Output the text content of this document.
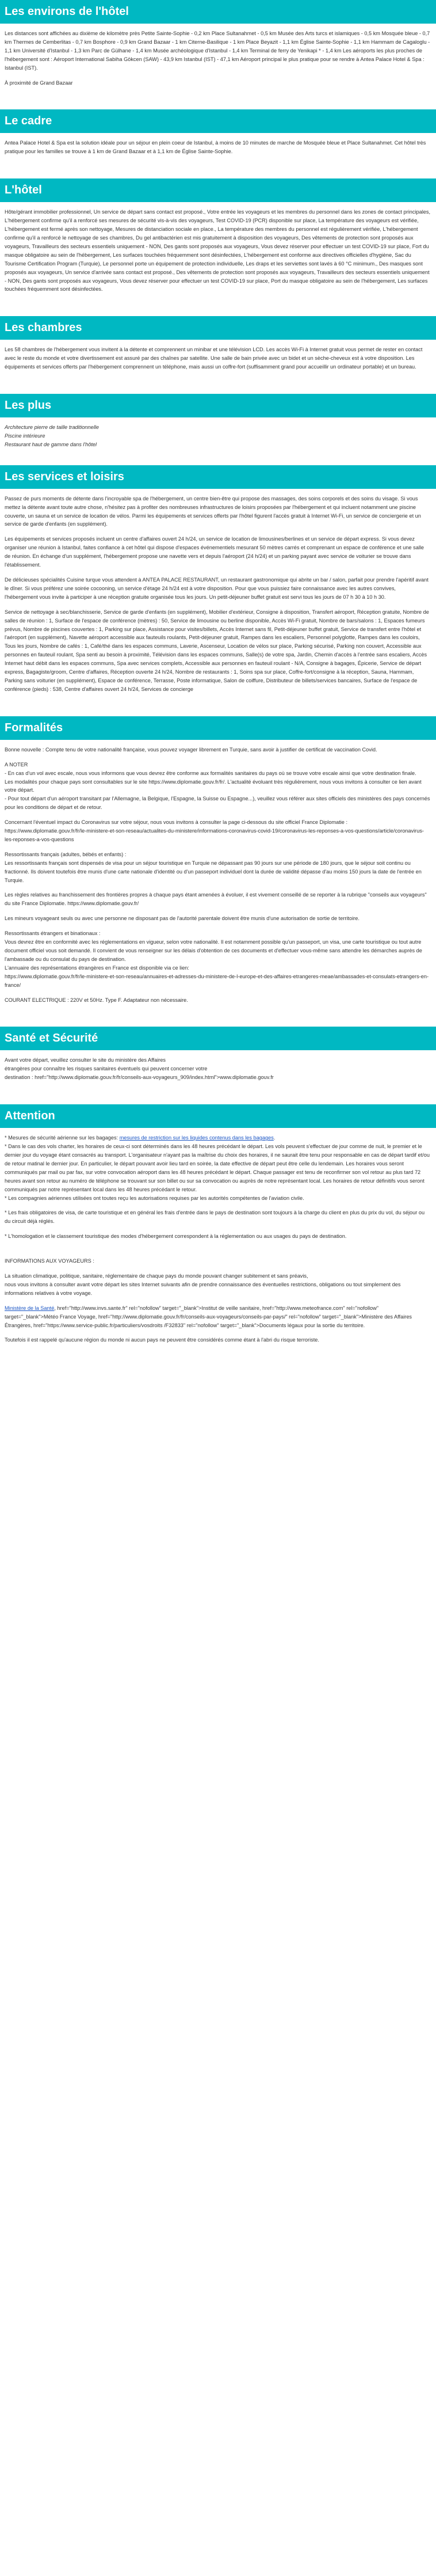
Les environs de l'hôtel

Les distances sont affichées au dixième de kilomètre près Petite Sainte-Sophie - 0,2 km Place Sultanahmet - 0,5 km Musée des Arts turcs et islamiques - 0,5 km Mosquée bleue - 0,7 km Thermes de Cemberlitas - 0,7 km Bosphore - 0,9 km Grand Bazaar - 1 km Citerne-Basilique - 1 km Place Beyazit - 1,1 km Église Sainte-Sophie - 1,1 km Hammam de Cagaloglu - 1,1 km Université d'Istanbul - 1,3 km Parc de Gülhane - 1,4 km Musée archéologique d'Istanbul - 1,4 km Terminal de ferry de Yenikapi * - 1,4 km Les aéroports les plus proches de l'hébergement sont : Aéroport International Sabiha Gökcen (SAW) - 43,9 km Istanbul (IST) - 47,1 km Aéroport principal le plus pratique pour se rendre à Antea Palace Hotel & Spa : Istanbul (IST).

À proximité de Grand Bazaar

Le cadre

Antea Palace Hotel & Spa est la solution idéale pour un séjour en plein coeur de Istanbul, à moins de 10 minutes de marche de Mosquée bleue et Place Sultanahmet. Cet hôtel très pratique pour les familles se trouve à 1 km de Grand Bazaar et à 1,1 km de Église Sainte-Sophie.

L'hôtel

Hôte/gérant immobilier professionnel, Un service de départ sans contact est proposé., Votre entrée les voyageurs et les membres du personnel dans les zones de contact principales, L'hébergement confirme qu'il a renforcé ses mesures de sécurité vis-à-vis des voyageurs, Test COVID-19 (PCR) disponible sur place, La température des voyageurs est vérifiée, L'hébergement est fermé après son nettoyage, Mesures de distanciation sociale en place., La température des membres du personnel est régulièrement vérifiée, L'hébergement confirme qu'il a renforcé le nettoyage de ses chambres, Du gel antibactérien est mis gratuitement à disposition des voyageurs, Des vêtements de protection sont proposés aux voyageurs, Travailleurs des secteurs essentiels uniquement - NON, Des gants sont proposés aux voyageurs, Vous devez réserver pour effectuer un test COVID-19 sur place, Fort du masque obligatoire au sein de l'hébergement, Les surfaces touchées fréquemment sont désinfectées, L'hébergement est conforme aux directives officielles d'hygiène, Sac du Tourisme Certification Program (Turquie), Le personnel porte un équipement de protection individuelle, Les draps et les serviettes sont lavés à 60 °C minimum., Des masques sont proposés aux voyageurs, Un service d'arrivée sans contact est proposé., Des vêtements de protection sont proposés aux voyageurs, Travailleurs des secteurs essentiels uniquement - NON, Des gants sont proposés aux voyageurs, Vous devez réserver pour effectuer un test COVID-19 sur place, Port du masque obligatoire au sein de l'hébergement, Les surfaces touchées fréquemment sont désinfectées.

Les chambres

Les 58 chambres de l'hébergement vous invitent à la détente et comprennent un minibar et une télévision LCD. Les accès Wi-Fi à Internet gratuit vous permet de rester en contact avec le reste du monde et votre divertissement est assuré par des chaînes par satellite. Une salle de bain privée avec un bidet et un sèche-cheveux est à votre disposition. Les équipements et services offerts par l'hébergement comprennent un téléphone, mais aussi un coffre-fort (suffisamment grand pour accueillir un ordinateur portable) et un bureau.

Les plus

Architecture pierre de taille traditionnelle
Piscine intérieure
Restaurant haut de gamme dans l'hôtel

Les services et loisirs

Passez de purs moments de détente dans l'incroyable spa de l'hébergement, un centre bien-être qui propose des massages, des soins corporels et des soins du visage. Si vous mettez la détente avant toute autre chose, n'hésitez pas à profiter des nombreuses infrastructures de loisirs proposées par l'hébergement et qui incluent notamment une piscine couverte, un sauna et un service de location de vélos. Parmi les équipements et services offerts par l'hôtel figurent l'accès gratuit à Internet Wi-Fi, un service de conciergerie et un service de garde d'enfants (en supplément).

Les équipements et services proposés incluent un centre d'affaires ouvert 24 h/24, un service de location de limousines/berlines et un service de départ express. Si vous devez organiser une réunion à Istanbul, faites confiance à cet hôtel qui dispose d'espaces événementiels mesurant 50 mètres carrés et comprenant un espace de conférence et une salle de réunion. En échange d'un supplément, l'hébergement propose une navette vers et depuis l'aéroport (24 h/24) et un parking payant avec service de voiturier se trouve dans l'établissement.

De délicieuses spécialités Cuisine turque vous attendent à ANTEA PALACE RESTAURANT, un restaurant gastronomique qui abrite un bar / salon, parfait pour prendre l'apéritif avant le dîner. Si vous préférez une soirée cocooning, un service d'étage 24 h/24 est à votre disposition. Pour que vous puissiez faire connaissance avec les autres convives, l'hébergement vous invite à participer à une réception gratuite organisée tous les jours. Un petit-déjeuner buffet gratuit est servi tous les jours de 07 h 30 à 10 h 30.

Service de nettoyage à sec/blanchisserie, Service de garde d'enfants (en supplément), Mobilier d'extérieur, Consigne à disposition, Transfert aéroport, Réception gratuite, Nombre de salles de réunion : 1, Surface de l'espace de conférence (mètres) : 50, Service de limousine ou berline disponible, Accès Wi-Fi gratuit, Nombre de bars/salons : 1, Espaces fumeurs prévus, Nombre de piscines couvertes : 1, Parking sur place, Assistance pour visites/billets, Accès Internet sans fil, Petit-déjeuner buffet gratuit, Service de transfert entre l'hôtel et l'aéroport (en supplément), Navette aéroport accessible aux fauteuils roulants, Petit-déjeuner gratuit, Rampes dans les escaliers, Personnel polyglotte, Rampes dans les couloirs, Tous les jours, Nombre de cafés : 1, Café/thé dans les espaces communs, Laverie, Ascenseur, Location de vélos sur place, Parking sécurisé, Parking non couvert, Accessible aux personnes en fauteuil roulant, Spa senti au besoin à proximité, Télévision dans les espaces communs, Salle(s) de votre spa, Jardin, Chemin d'accès à l'entrée sans escaliers, Accès Internet haut débit dans les espaces communs, Spa avec services complets, Accessible aux personnes en fauteuil roulant - N/A, Consigne à bagages, Épicerie, Service de départ express, Bagagiste/groom, Centre d'affaires, Réception ouverte 24 h/24, Nombre de restaurants : 1, Soins spa sur place, Coffre-fort/consigne à la réception, Sauna, Hammam, Parking sans voiturier (en supplément), Espace de conférence, Terrasse, Poste informatique, Salon de coiffure, Distributeur de billets/services bancaires, Surface de l'espace de conférence (pieds) : 538, Centre d'affaires ouvert 24 h/24, Services de concierge

Formalités

Bonne nouvelle : Compte tenu de votre nationalité française, vous pouvez voyager librement en Turquie, sans avoir à justifier de certificat de vaccination Covid.

A NOTER
- En cas d'un vol avec escale, nous vous informons que vous devrez être conforme aux formalités sanitaires du pays où se trouve votre escale ainsi que votre destination finale.
Les modalités pour chaque pays sont consultables sur le site https://www.diplomatie.gouv.fr/fr/. L'actualité évoluant très régulièrement, nous vous invitons à consulter ce lien avant votre départ.
- Pour tout départ d'un aéroport transitant par l'Allemagne, la Belgique, l'Espagne, la Suisse ou Espagne...), veuillez vous référer aux sites officiels des ministères des pays concernés pour les conditions de départ et de retour.

Concernant l'éventuel impact du Coronavirus sur votre séjour, nous vous invitons à consulter la page ci-dessous du site officiel France Diplomatie : https://www.diplomatie.gouv.fr/fr/le-ministere-et-son-reseau/actualites-du-ministere/informations-coronavirus-covid-19/coronavirus-les-reponses-a-vos-questions/article/coronavirus-les-reponses-a-vos-questions

Ressortissants français (adultes, bébés et enfants) :
Les ressortissants français sont dispensés de visa pour un séjour touristique en Turquie ne dépassant pas 90 jours sur une période de 180 jours, que le séjour soit continu ou fractionné. Ils doivent toutefois être munis d'une carte nationale d'identité ou d'un passeport individuel dont la durée de validité dépasse d'au moins 150 jours la date de l'entrée en Turquie.

Les règles relatives au franchissement des frontières propres à chaque pays étant amenées à évoluer, il est vivement conseillé de se reporter à la rubrique "conseils aux voyageurs" du site France Diplomatie. https://www.diplomatie.gouv.fr/

Les mineurs voyageant seuls ou avec une personne ne disposant pas de l'autorité parentale doivent être munis d'une autorisation de sortie de territoire.

Ressortissants étrangers et binationaux :
Vous devrez être en conformité avec les réglementations en vigueur, selon votre nationalité. Il est notamment possible qu'un passeport, un visa, une carte touristique ou tout autre document officiel vous soit demandé. Il convient de vous renseigner sur les délais d'obtention de ces documents et d'effectuer vous-même sans attendre les démarches auprès de l'ambassade ou du consulat du pays de destination.
L'annuaire des représentations étrangères en France est disponible via ce lien:
https://www.diplomatie.gouv.fr/fr/le-ministere-et-son-reseau/annuaires-et-adresses-du-ministere-de-l-europe-et-des-affaires-etrangeres-meae/ambassades-et-consulats-etrangers-en-france/

COURANT ELECTRIQUE : 220V et 50Hz. Type F. Adaptateur non nécessaire.

Santé et Sécurité

Avant votre départ, veuillez consulter le site du ministère des Affaires
étrangères pour connaître les risques sanitaires éventuels qui peuvent concerner votre
destination : href="http://www.diplomatie.gouv.fr/fr/conseils-aux-voyageurs_909/index.html">www.diplomatie.gouv.fr

Attention

* Mesures de sécurité aérienne sur les bagages: mesures de restriction sur les liquides contenus dans les bagages.
* Dans le cas des vols charter, les horaires de ceux-ci sont déterminés dans les 48 heures précédant le départ. Les vols peuvent s'effectuer de jour comme de nuit, le premier et le dernier jour du voyage étant consacrés au transport. L'organisateur n'ayant pas la maîtrise du choix des horaires, il ne saurait être tenu pour responsable en cas de départ tardif et/ou de retour matinal le dernier jour. En particulier, le départ pouvant avoir lieu tard en soirée, la date effective de départ peut être celle du lendemain. Les horaires vous seront communiqués par mail ou par fax, sur votre convocation aéroport dans les 48 heures précédant le départ. Chaque passager est tenu de reconfirmer son vol retour au plus tard 72 heures avant son retour au numéro de téléphone se trouvant sur son billet ou sur sa convocation ou auprès de notre représentant local. Les horaires de retour définitifs vous seront communiqués par notre représentant local dans les 48 heures précédant le retour.
* Les compagnies aériennes utilisées ont toutes reçu les autorisations requises par les autorités compétentes de l'aviation civile.

* Les frais obligatoires de visa, de carte touristique et en général les frais d'entrée dans le pays de destination sont toujours à la charge du client en plus du prix du vol, du séjour ou du circuit déjà réglés.

* L'homologation et le classement touristique des modes d'hébergement correspondent à la réglementation ou aux usages du pays de destination.

INFORMATIONS AUX VOYAGEURS :

La situation climatique, politique, sanitaire, réglementaire de chaque pays du monde pouvant changer subitement et sans préavis,
nous vous invitons à consulter avant votre départ les sites Internet suivants afin de prendre connaissance des éventuelles restrictions, obligations ou tout simplement des informations relatives à votre voyage.

Ministère de la Santé, href="http://www.invs.sante.fr" rel="nofollow" target="_blank">Institut de veille sanitaire, href="http://www.meteofrance.com" rel="nofollow" target="_blank">Météo France Voyage, href="http://www.diplomatie.gouv.fr/fr/conseils-aux-voyageurs/conseils-par-pays/" rel="nofollow" target="_blank">Ministère des Affaires Étrangères, href="https://www.service-public.fr/particuliers/vosdroits /F32833" rel="nofollow" target="_blank">Documents légaux pour la sortie du territoire.

Toutefois il est rappelé qu'aucune région du monde ni aucun pays ne peuvent être considérés comme étant à l'abri du risque terroriste.
